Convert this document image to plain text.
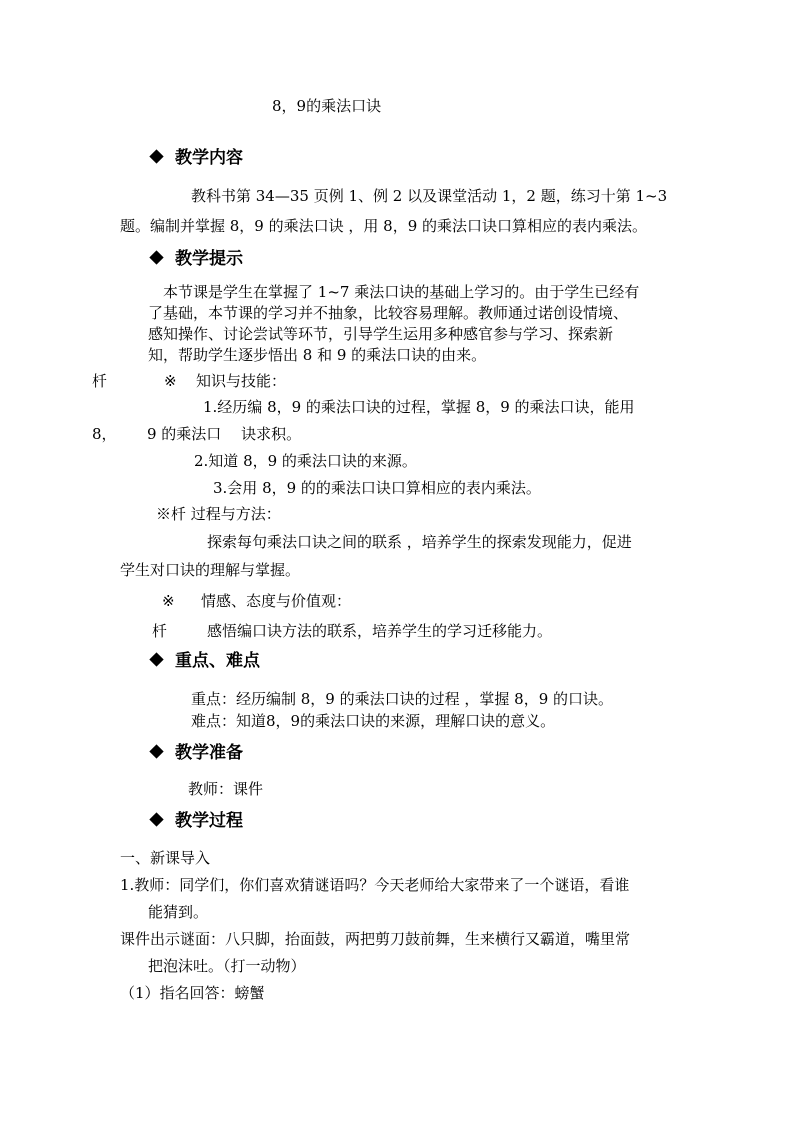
8，9的乘法口诀
教学内容
教科书第 34—35 页例 1、例 2 以及课堂活动 1，2 题，练习十第 1~3
题。编制并掌握 8，9 的乘法口诀 ，用 8，9 的乘法口诀口算相应的表内乘法。
教学提示
本节课是学生在掌握了 1~7 乘法口诀的基础上学习的。由于学生已经有
了基础，本节课的学习并不抽象，比较容易理解。教师通过诺创设情境、
感知操作、讨论尝试等环节，引导学生运用多种感官参与学习、探索新
知，帮助学生逐步悟出 8 和 9 的乘法口诀的由来。
杄	※ 知识与技能：
1.经历编 8，9 的乘法口诀的过程，掌握 8，9 的乘法口诀，能用
8， 9 的乘法口　 诀求积。
2.知道 8，9 的乘法口诀的来源。
3.会用 8，9 的的乘法口诀口算相应的表内乘法。
※杄 过程与方法：
探索每句乘法口诀之间的联系 ，培养学生的探索发现能力，促进
学生对口诀的理解与掌握。
※ 情感、态度与价值观：
杄	感悟编口诀方法的联系，培养学生的学习迁移能力。
重点、难点
重点：经历编制 8，9 的乘法口诀的过程 ，掌握 8，9 的口诀。
难点：知道8，9的乘法口诀的来源，理解口诀的意义。
教学准备
教师：课件
教学过程
一、新课导入
1.教师：同学们，你们喜欢猜谜语吗？今天老师给大家带来了一个谜语，看谁
能猜到。
课件出示谜面：八只脚，抬面鼓，两把剪刀鼓前舞，生来横行又霸道，嘴里常
把泡沫吐。（打一动物）
（1）指名回答：螃蟹
